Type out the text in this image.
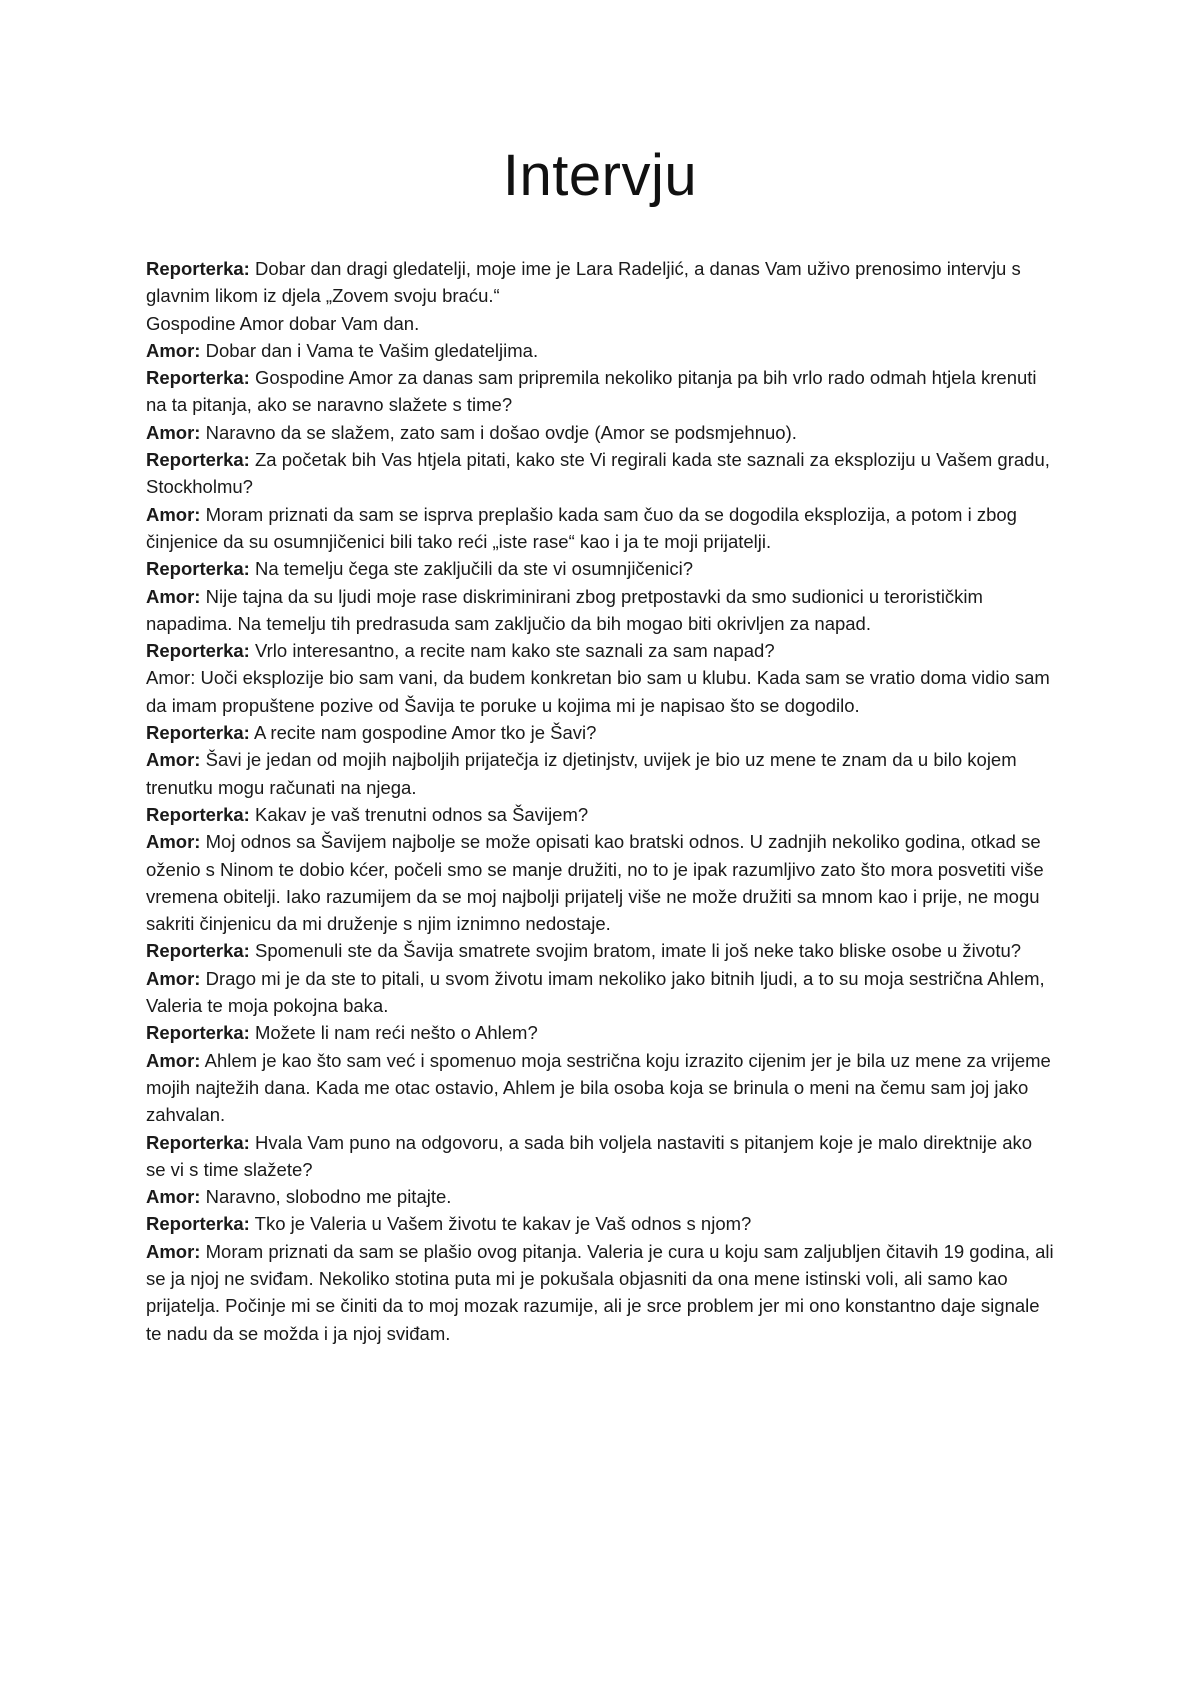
Intervju

Reporterka: Dobar dan dragi gledatelji, moje ime je Lara Radeljić, a danas Vam uživo prenosimo intervju s glavnim likom iz djela „Zovem svoju braću.“

Gospodine Amor dobar Vam dan.

Amor: Dobar dan i Vama te Vašim gledateljima.

Reporterka: Gospodine Amor za danas sam pripremila nekoliko pitanja pa bih vrlo rado odmah htjela krenuti na ta pitanja, ako se naravno slažete s time?

Amor: Naravno da se slažem, zato sam i došao ovdje (Amor se podsmjehnuo).

Reporterka: Za početak bih Vas htjela pitati, kako ste Vi regirali kada ste saznali za eksploziju u Vašem gradu, Stockholmu?

Amor: Moram priznati da sam se isprva preplašio kada sam čuo da se dogodila eksplozija, a potom i zbog činjenice da su osumnjičenici bili tako reći „iste rase“ kao i ja te moji prijatelji.

Reporterka: Na temelju čega ste zaključili da ste vi osumnjičenici?

Amor: Nije tajna da su ljudi moje rase diskriminirani zbog pretpostavki da smo sudionici u terorističkim napadima. Na temelju tih predrasuda sam zaključio da bih mogao biti okrivljen za napad.

Reporterka: Vrlo interesantno, a recite nam kako ste saznali za sam napad?

Amor: Uoči eksplozije bio sam vani, da budem konkretan bio sam u klubu. Kada sam se vratio doma vidio sam da imam propuštene pozive od Šavija te poruke u kojima mi je napisao što se dogodilo.

Reporterka: A recite nam gospodine Amor tko je Šavi?

Amor: Šavi je jedan od mojih najboljih prijatečja iz djetinjstv, uvijek je bio uz mene te znam da u bilo kojem trenutku mogu računati na njega.

Reporterka: Kakav je vaš trenutni odnos sa Šavijem?

Amor: Moj odnos sa Šavijem najbolje se može opisati kao bratski odnos. U zadnjih nekoliko godina, otkad se oženio s Ninom te dobio kćer, počeli smo se manje družiti, no to je ipak razumljivo zato što mora posvetiti više vremena obitelji. Iako razumijem da se moj najbolji prijatelj više ne može družiti sa mnom kao i prije, ne mogu sakriti činjenicu da mi druženje s njim iznimno nedostaje.

Reporterka: Spomenuli ste da Šavija smatrete svojim bratom, imate li još neke tako bliske osobe u životu?

Amor: Drago mi je da ste to pitali, u svom životu imam nekoliko jako bitnih ljudi, a to su moja sestrična Ahlem, Valeria te moja pokojna baka.

Reporterka: Možete li nam reći nešto o Ahlem?

Amor: Ahlem je kao što sam već i spomenuo moja sestrična koju izrazito cijenim jer je bila uz mene za vrijeme mojih najtežih dana. Kada me otac ostavio, Ahlem je bila osoba koja se brinula o meni na čemu sam joj jako zahvalan.

Reporterka: Hvala Vam puno na odgovoru, a sada bih voljela nastaviti s pitanjem koje je malo direktnije ako se vi s time slažete?

Amor: Naravno, slobodno me pitajte.

Reporterka: Tko je Valeria u Vašem životu te kakav je Vaš odnos s njom?

Amor: Moram priznati da sam se plašio ovog pitanja. Valeria je cura u koju sam zaljubljen čitavih 19 godina, ali se ja njoj ne sviđam. Nekoliko stotina puta mi je pokušala objasniti da ona mene istinski voli, ali samo kao prijatelja. Počinje mi se činiti da to moj mozak razumije, ali je srce problem jer mi ono konstantno daje signale te nadu da se možda i ja njoj sviđam.
